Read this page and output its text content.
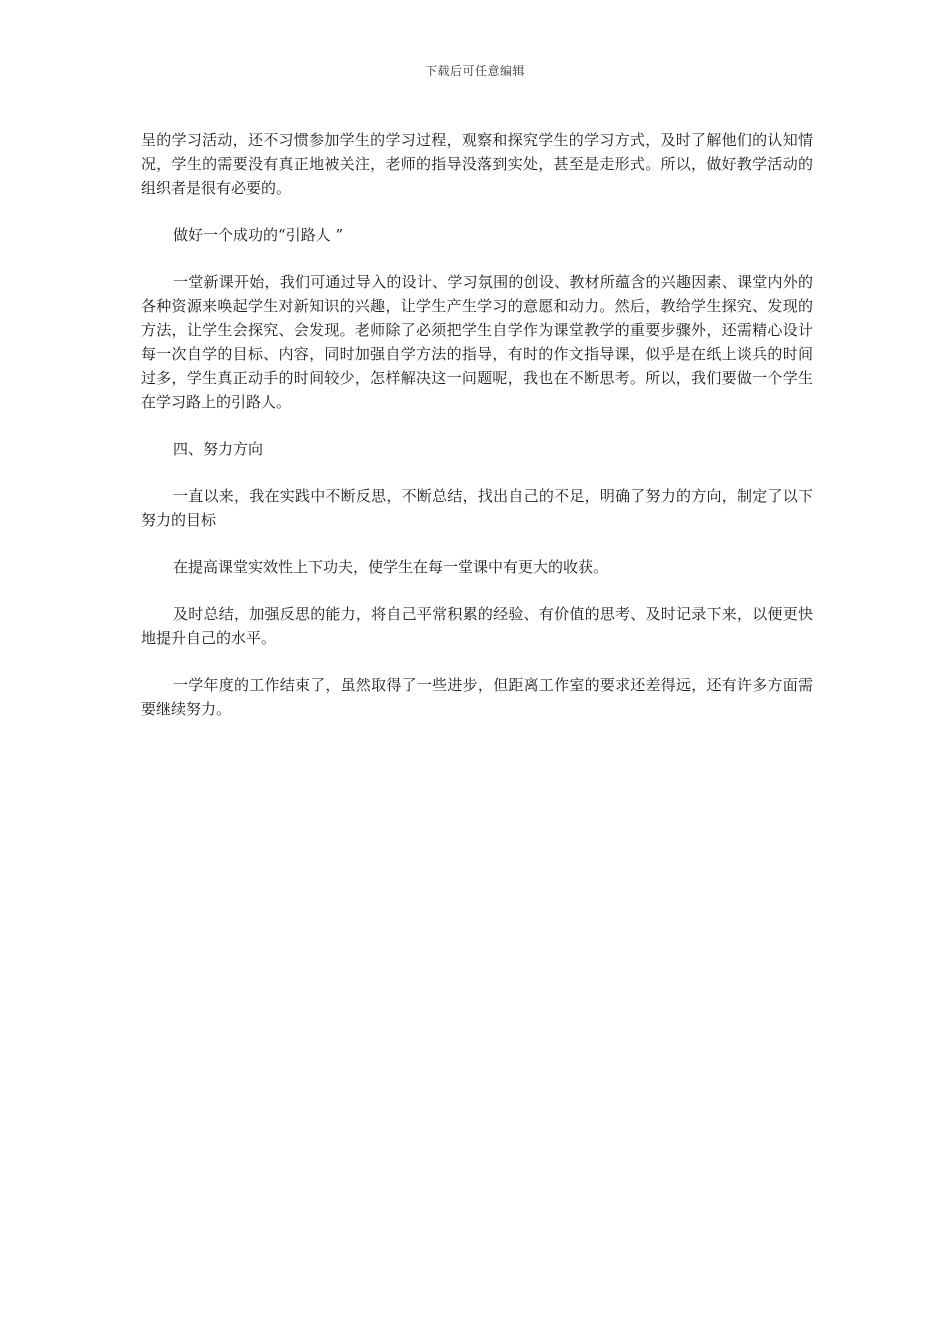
下载后可任意编辑

呈的学习活动，还不习惯参加学生的学习过程，观察和探究学生的学习方式，及时了解他们的认知情况，学生的需要没有真正地被关注，老师的指导没落到实处，甚至是走形式。所以，做好教学活动的组织者是很有必要的。

做好一个成功的“引路人 ”

一堂新课开始，我们可通过导入的设计、学习氛围的创设、教材所蕴含的兴趣因素、课堂内外的各种资源来唤起学生对新知识的兴趣，让学生产生学习的意愿和动力。然后，教给学生探究、发现的方法，让学生会探究、会发现。老师除了必须把学生自学作为课堂教学的重要步骤外，还需精心设计每一次自学的目标、内容，同时加强自学方法的指导，有时的作文指导课，似乎是在纸上谈兵的时间过多，学生真正动手的时间较少，怎样解决这一问题呢，我也在不断思考。所以，我们要做一个学生在学习路上的引路人。

四、努力方向

一直以来，我在实践中不断反思，不断总结，找出自己的不足，明确了努力的方向，制定了以下努力的目标

在提高课堂实效性上下功夫，使学生在每一堂课中有更大的收获。

及时总结，加强反思的能力，将自己平常积累的经验、有价值的思考、及时记录下来，以便更快地提升自己的水平。

一学年度的工作结束了，虽然取得了一些进步，但距离工作室的要求还差得远，还有许多方面需要继续努力。
